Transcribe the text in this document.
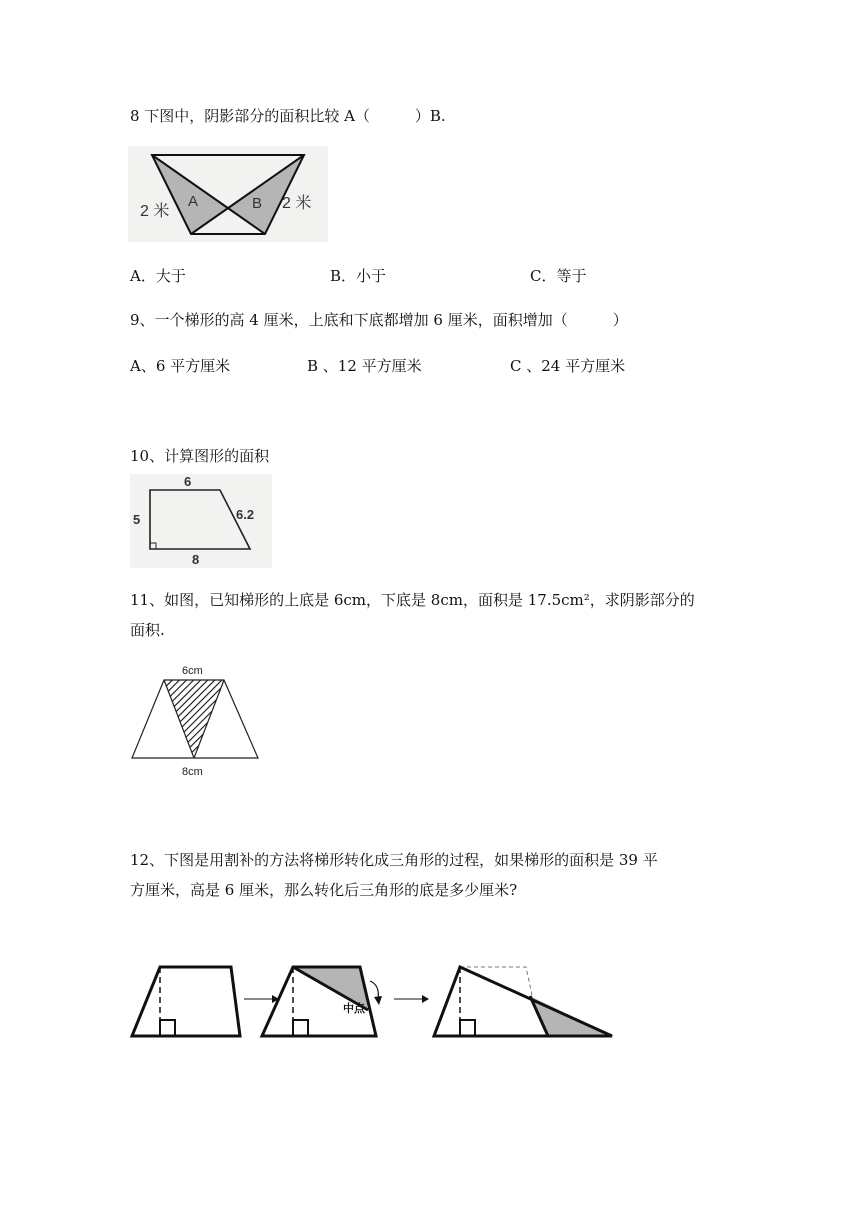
8 下图中，阴影部分的面积比较 A（　　　）B.
2 米
A	B 2 米
A．大于	B．小于	C．等于
9、一个梯形的高 4 厘米，上底和下底都增加 6 厘米，面积增加（　　　）
A、6 平方厘米	B 、12 平方厘米	C 、24 平方厘米
10、计算图形的面积
6
5	6.2
8
11、如图，已知梯形的上底是 6cm，下底是 8cm，面积是 17.5cm²，求阴影部分的
面积.
6cm
8cm
12、下图是用割补的方法将梯形转化成三角形的过程，如果梯形的面积是 39 平
方厘米，高是 6 厘米，那么转化后三角形的底是多少厘米?
中点
